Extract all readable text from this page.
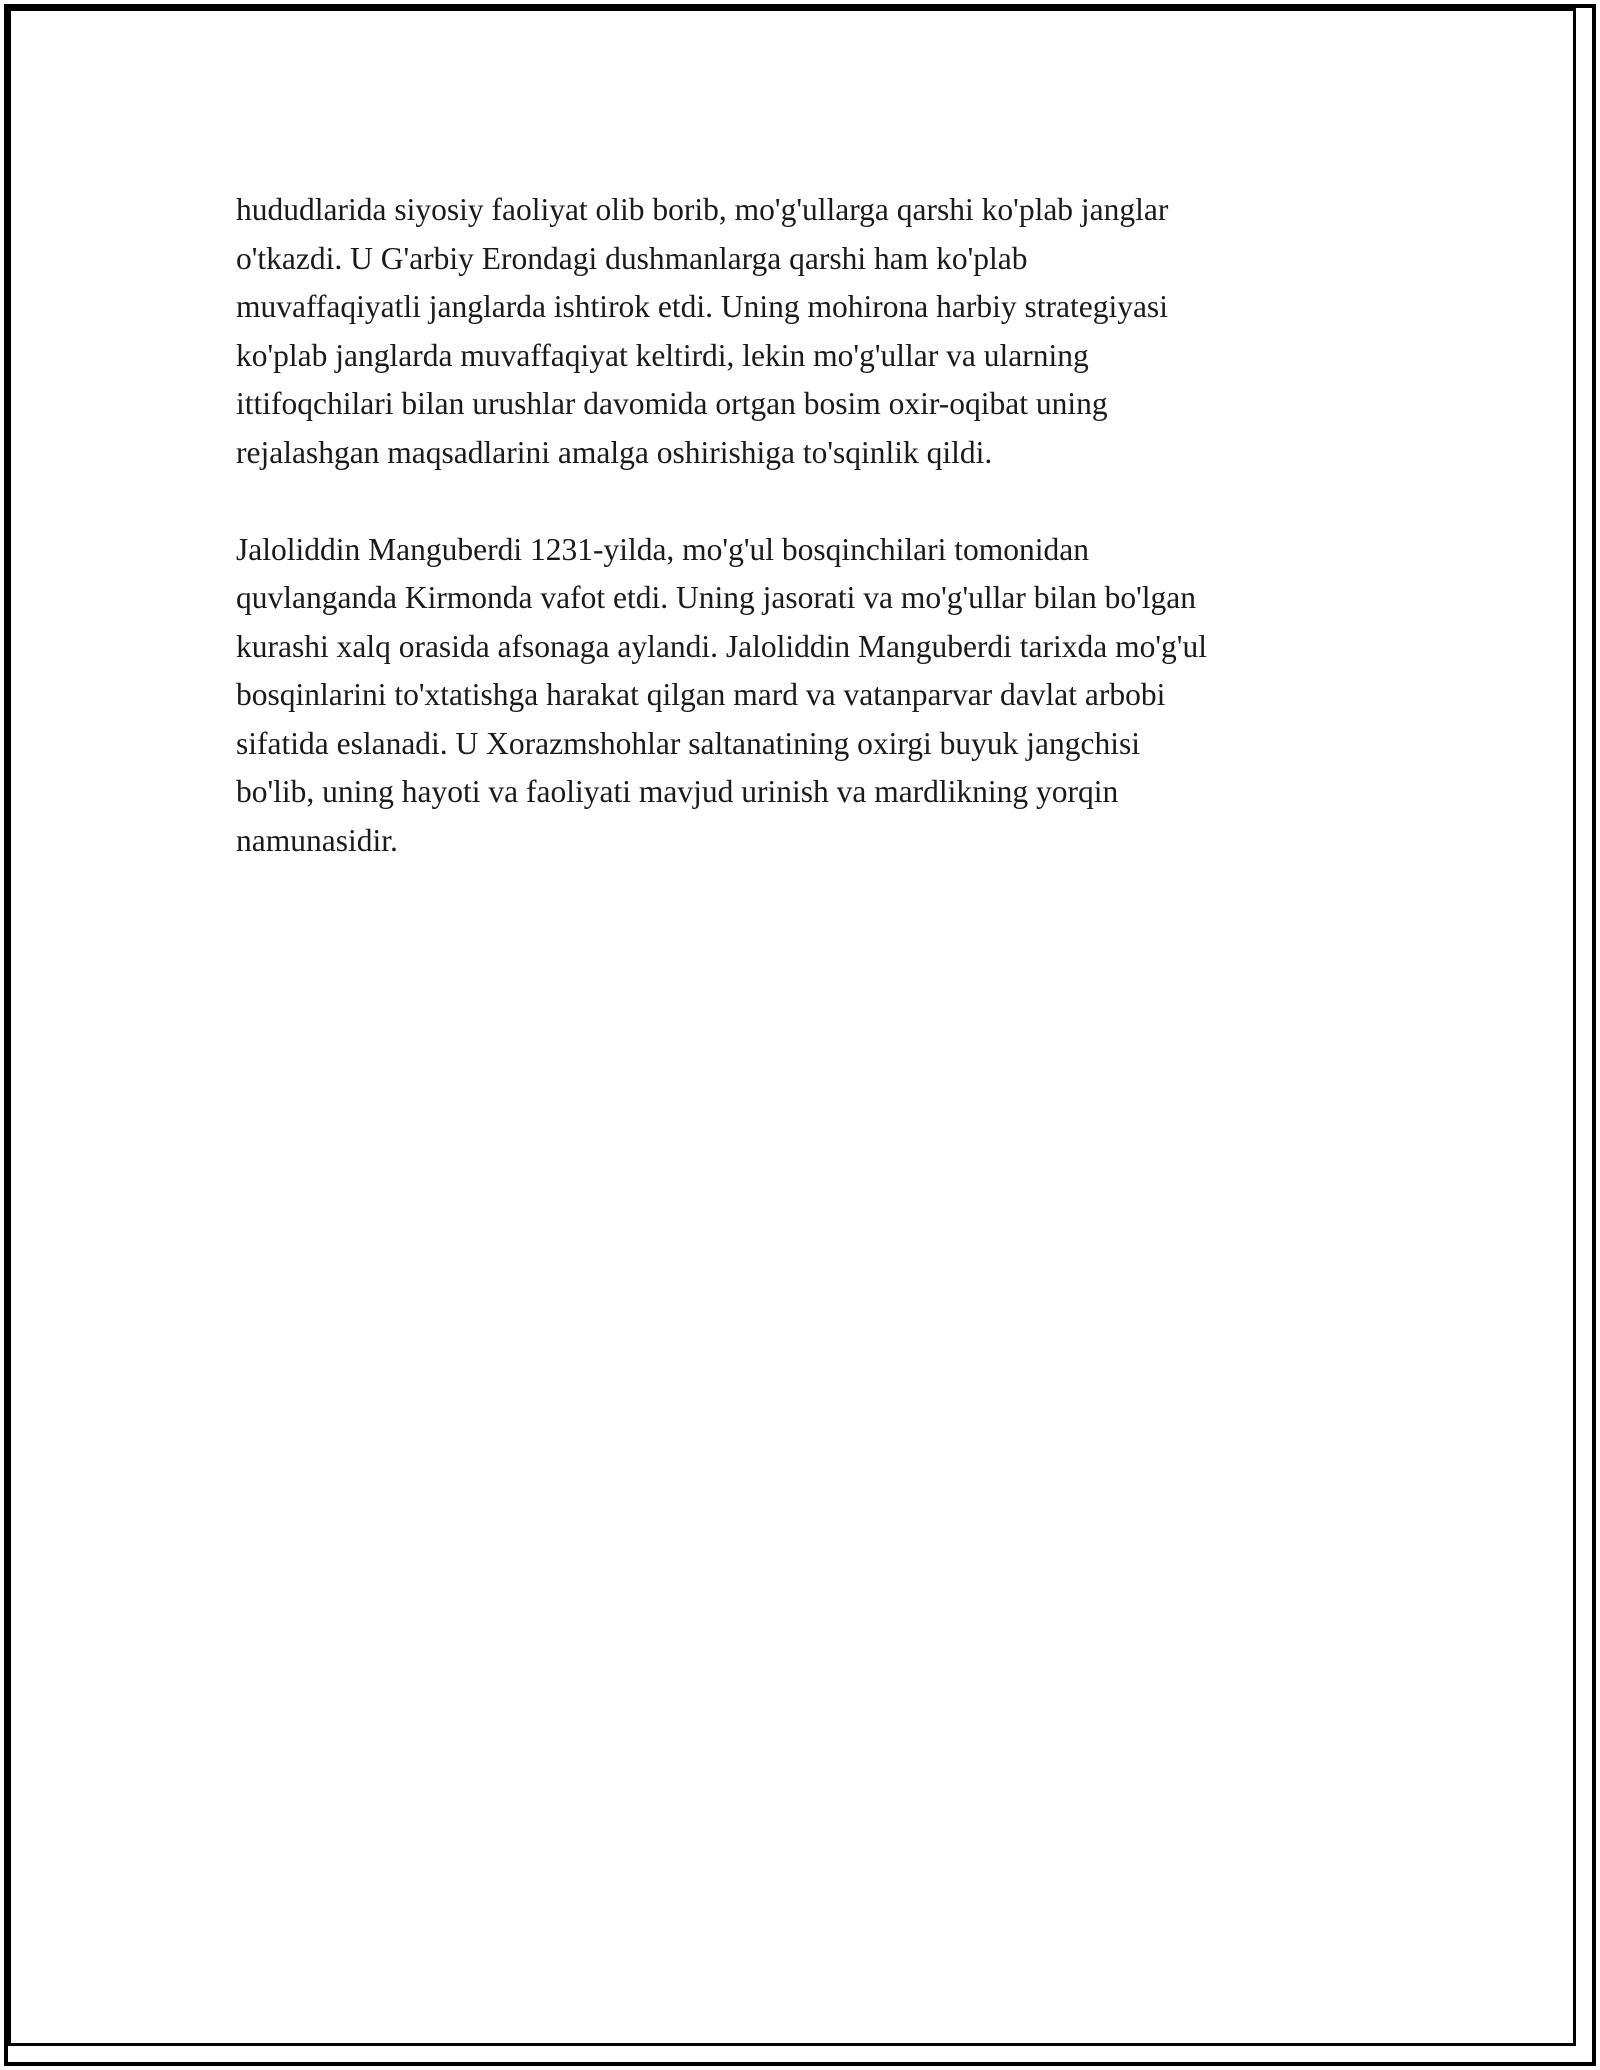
hududlarida siyosiy faoliyat olib borib, mo'g'ullarga qarshi ko'plab janglar
o'tkazdi. U G'arbiy Erondagi dushmanlarga qarshi ham ko'plab
muvaffaqiyatli janglarda ishtirok etdi. Uning mohirona harbiy strategiyasi
ko'plab janglarda muvaffaqiyat keltirdi, lekin mo'g'ullar va ularning
ittifoqchilari bilan urushlar davomida ortgan bosim oxir-oqibat uning
rejalashgan maqsadlarini amalga oshirishiga to'sqinlik qildi.

Jaloliddin Manguberdi 1231-yilda, mo'g'ul bosqinchilari tomonidan
quvlanganda Kirmonda vafot etdi. Uning jasorati va mo'g'ullar bilan bo'lgan
kurashi xalq orasida afsonaga aylandi. Jaloliddin Manguberdi tarixda mo'g'ul
bosqinlarini to'xtatishga harakat qilgan mard va vatanparvar davlat arbobi
sifatida eslanadi. U Xorazmshohlar saltanatining oxirgi buyuk jangchisi
bo'lib, uning hayoti va faoliyati mavjud urinish va mardlikning yorqin
namunasidir.
